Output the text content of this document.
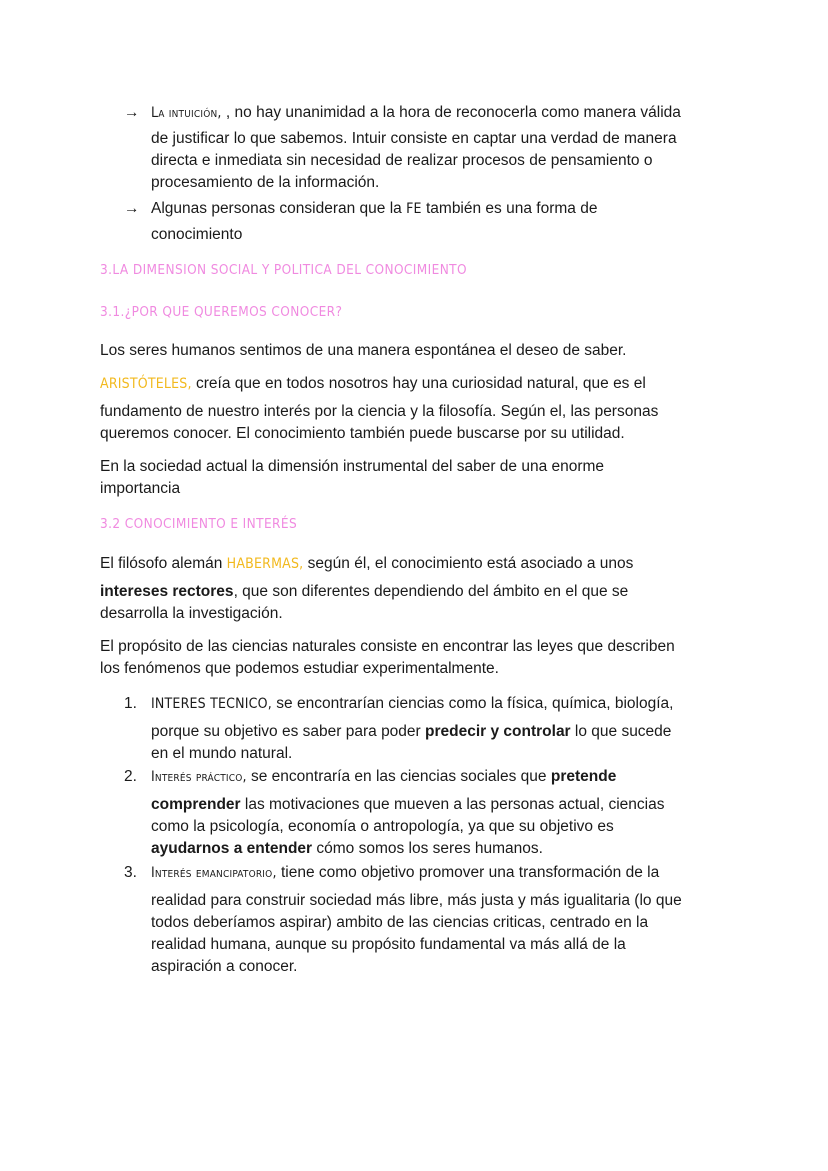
→ La intuición, , no hay unanimidad a la hora de reconocerla como manera válida
de justificar lo que sabemos. Intuir consiste en captar una verdad de manera
directa e inmediata sin necesidad de realizar procesos de pensamiento o
procesamiento de la información.
→ Algunas personas consideran que la FE también es una forma de
conocimiento
3.LA DIMENSION SOCIAL Y POLITICA DEL CONOCIMIENTO
3.1.¿POR QUE QUEREMOS CONOCER?
Los seres humanos sentimos de una manera espontánea el deseo de saber.
ARISTÓTELES, creía que en todos nosotros hay una curiosidad natural, que es el
fundamento de nuestro interés por la ciencia y la filosofía. Según el, las personas
queremos conocer. El conocimiento también puede buscarse por su utilidad.
En la sociedad actual la dimensión instrumental del saber de una enorme
importancia
3.2 CONOCIMIENTO E INTERÉS
El filósofo alemán HABERMAS, según él, el conocimiento está asociado a unos
intereses rectores, que son diferentes dependiendo del ámbito en el que se
desarrolla la investigación.
El propósito de las ciencias naturales consiste en encontrar las leyes que describen
los fenómenos que podemos estudiar experimentalmente.
1. INTERES TECNICO, se encontrarían ciencias como la física, química, biología,
porque su objetivo es saber para poder predecir y controlar lo que sucede
en el mundo natural.
2. Interés práctico, se encontraría en las ciencias sociales que pretende
comprender las motivaciones que mueven a las personas actual, ciencias
como la psicología, economía o antropología, ya que su objetivo es
ayudarnos a entender cómo somos los seres humanos.
3. Interés emancipatorio, tiene como objetivo promover una transformación de la
realidad para construir sociedad más libre, más justa y más igualitaria (lo que
todos deberíamos aspirar) ambito de las ciencias criticas, centrado en la
realidad humana, aunque su propósito fundamental va más allá de la
aspiración a conocer.
